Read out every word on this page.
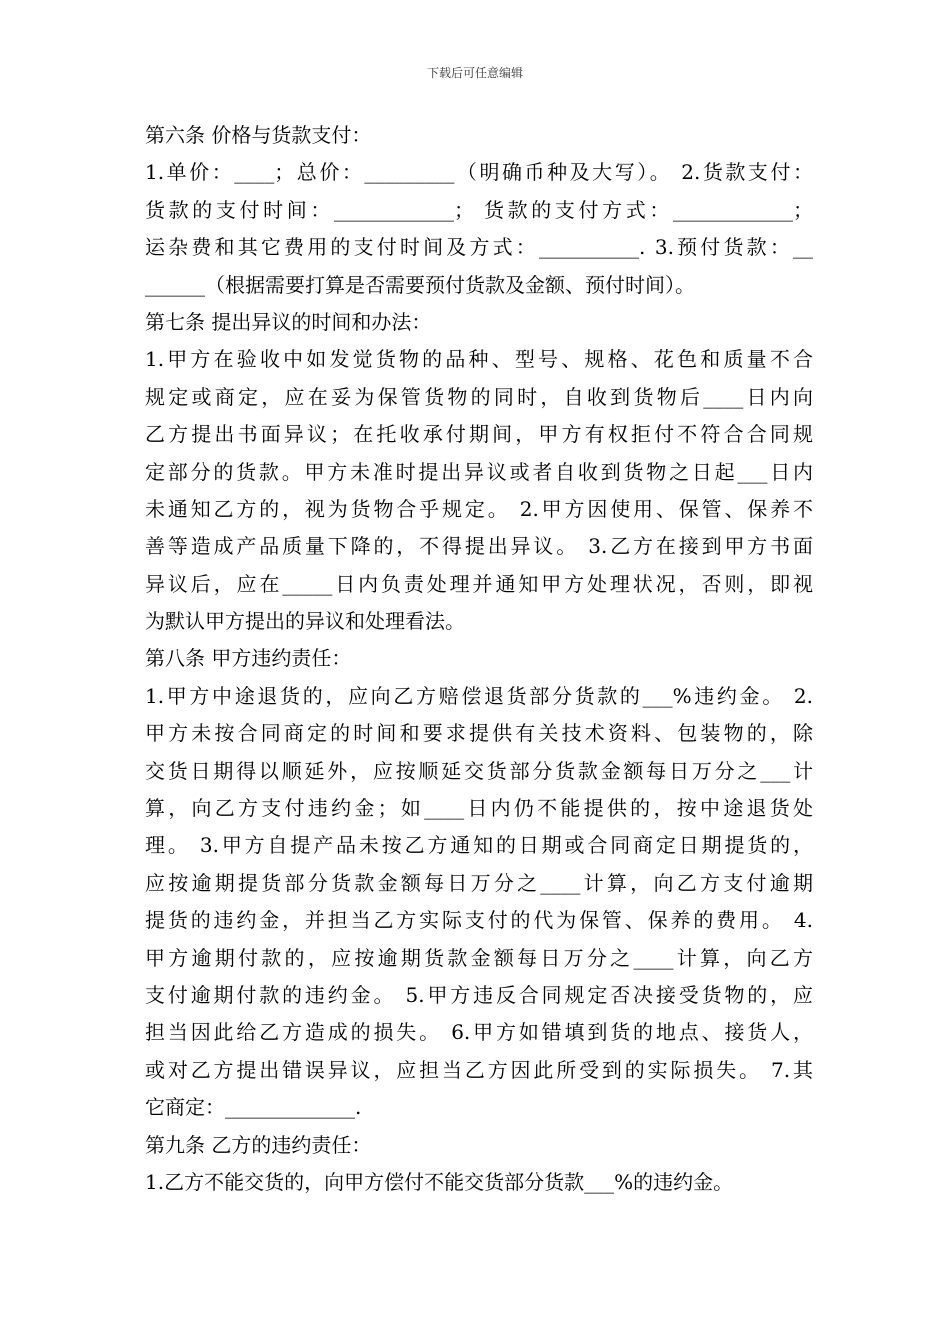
下载后可任意编辑

第六条 价格与货款支付：

1.单价：____；总价：_________（明确币种及大写）。 2.货款支付：

货款的支付时间：____________； 货款的支付方式：____________；

运杂费和其它费用的支付时间及方式：__________. 3.预付货款：__

______（根据需要打算是否需要预付货款及金额、预付时间）。

第七条 提出异议的时间和办法：

1.甲方在验收中如发觉货物的品种、型号、规格、花色和质量不合

规定或商定，应在妥为保管货物的同时，自收到货物后____日内向

乙方提出书面异议；在托收承付期间，甲方有权拒付不符合合同规

定部分的货款。甲方未准时提出异议或者自收到货物之日起___日内

未通知乙方的，视为货物合乎规定。 2.甲方因使用、保管、保养不

善等造成产品质量下降的，不得提出异议。 3.乙方在接到甲方书面

异议后，应在_____日内负责处理并通知甲方处理状况，否则，即视

为默认甲方提出的异议和处理看法。

第八条 甲方违约责任：

1.甲方中途退货的，应向乙方赔偿退货部分货款的___%违约金。 2.

甲方未按合同商定的时间和要求提供有关技术资料、包装物的，除

交货日期得以顺延外，应按顺延交货部分货款金额每日万分之___计

算，向乙方支付违约金；如____日内仍不能提供的，按中途退货处

理。 3.甲方自提产品未按乙方通知的日期或合同商定日期提货的，

应按逾期提货部分货款金额每日万分之____计算，向乙方支付逾期

提货的违约金，并担当乙方实际支付的代为保管、保养的费用。 4.

甲方逾期付款的，应按逾期货款金额每日万分之____计算，向乙方

支付逾期付款的违约金。 5.甲方违反合同规定否决接受货物的，应

担当因此给乙方造成的损失。 6.甲方如错填到货的地点、接货人，

或对乙方提出错误异议，应担当乙方因此所受到的实际损失。 7.其

它商定：_____________.

第九条 乙方的违约责任：

1.乙方不能交货的，向甲方偿付不能交货部分货款___%的违约金。
